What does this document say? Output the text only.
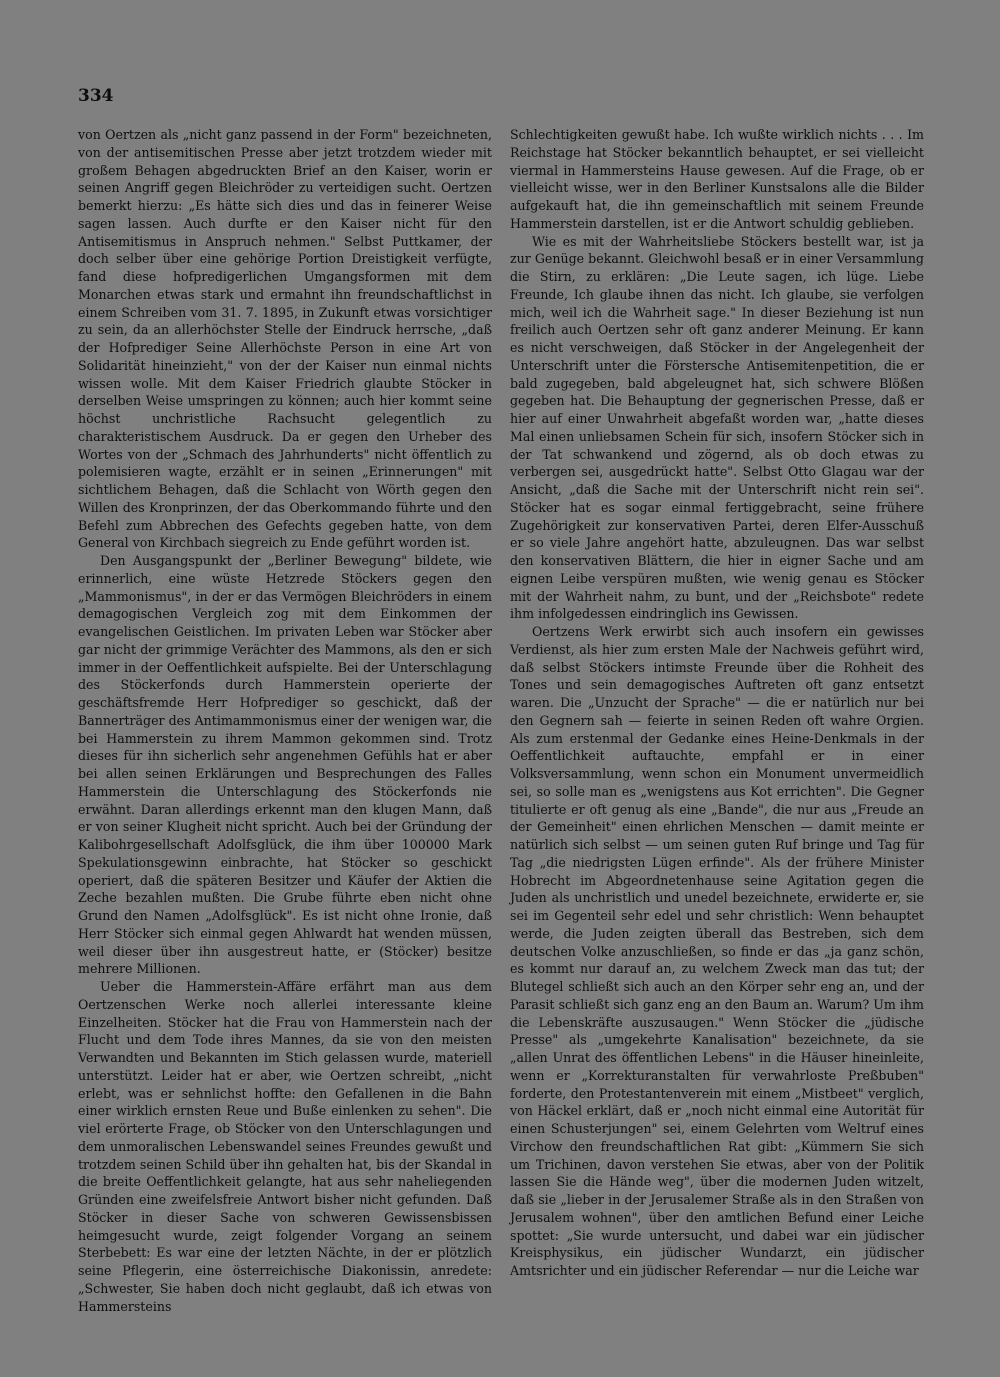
334

von Oertzen als „nicht ganz passend in der Form" bezeichneten, von der antisemitischen Presse aber jetzt trotzdem wieder mit großem Behagen abgedruckten Brief an den Kaiser, worin er seinen Angriff gegen Bleichröder zu verteidigen sucht. Oertzen bemerkt hierzu: „Es hätte sich dies und das in feinerer Weise sagen lassen. Auch durfte er den Kaiser nicht für den Antisemitismus in Anspruch nehmen." Selbst Puttkamer, der doch selber über eine gehörige Portion Dreistigkeit verfügte, fand diese hofpredigerlichen Umgangsformen mit dem Monarchen etwas stark und ermahnt ihn freundschaftlichst in einem Schreiben vom 31. 7. 1895, in Zukunft etwas vorsichtiger zu sein, da an allerhöchster Stelle der Eindruck herrsche, „daß der Hofprediger Seine Allerhöchste Person in eine Art von Solidarität hineinzieht," von der der Kaiser nun einmal nichts wissen wolle. Mit dem Kaiser Friedrich glaubte Stöcker in derselben Weise umspringen zu können; auch hier kommt seine höchst unchristliche Rachsucht gelegentlich zu charakteristischem Ausdruck. Da er gegen den Urheber des Wortes von der „Schmach des Jahrhunderts" nicht öffentlich zu polemisieren wagte, erzählt er in seinen „Erinnerungen" mit sichtlichem Behagen, daß die Schlacht von Wörth gegen den Willen des Kronprinzen, der das Oberkommando führte und den Befehl zum Abbrechen des Gefechts gegeben hatte, von dem General von Kirchbach siegreich zu Ende geführt worden ist.

Den Ausgangspunkt der „Berliner Bewegung" bildete, wie erinnerlich, eine wüste Hetzrede Stöckers gegen den „Mammonismus", in der er das Vermögen Bleichröders in einem demagogischen Vergleich zog mit dem Einkommen der evangelischen Geistlichen. Im privaten Leben war Stöcker aber gar nicht der grimmige Verächter des Mammons, als den er sich immer in der Oeffentlichkeit aufspielte. Bei der Unterschlagung des Stöckerfonds durch Hammerstein operierte der geschäftsfremde Herr Hofprediger so geschickt, daß der Bannerträger des Antimammonismus einer der wenigen war, die bei Hammerstein zu ihrem Mammon gekommen sind. Trotz dieses für ihn sicherlich sehr angenehmen Gefühls hat er aber bei allen seinen Erklärungen und Besprechungen des Falles Hammerstein die Unterschlagung des Stöckerfonds nie erwähnt. Daran allerdings erkennt man den klugen Mann, daß er von seiner Klugheit nicht spricht. Auch bei der Gründung der Kalibohrgesellschaft Adolfsglück, die ihm über 100000 Mark Spekulationsgewinn einbrachte, hat Stöcker so geschickt operiert, daß die späteren Besitzer und Käufer der Aktien die Zeche bezahlen mußten. Die Grube führte eben nicht ohne Grund den Namen „Adolfsglück". Es ist nicht ohne Ironie, daß Herr Stöcker sich einmal gegen Ahlwardt hat wenden müssen, weil dieser über ihn ausgestreut hatte, er (Stöcker) besitze mehrere Millionen.

Ueber die Hammerstein-Affäre erfährt man aus dem Oertzenschen Werke noch allerlei interessante kleine Einzelheiten. Stöcker hat die Frau von Hammerstein nach der Flucht und dem Tode ihres Mannes, da sie von den meisten Verwandten und Bekannten im Stich gelassen wurde, materiell unterstützt. Leider hat er aber, wie Oertzen schreibt, „nicht erlebt, was er sehnlichst hoffte: den Gefallenen in die Bahn einer wirklich ernsten Reue und Buße einlenken zu sehen". Die viel erörterte Frage, ob Stöcker von den Unterschlagungen und dem unmoralischen Lebenswandel seines Freundes gewußt und trotzdem seinen Schild über ihn gehalten hat, bis der Skandal in die breite Oeffentlichkeit gelangte, hat aus sehr naheliegenden Gründen eine zweifelsfreie Antwort bisher nicht gefunden. Daß Stöcker in dieser Sache von schweren Gewissensbissen heimgesucht wurde, zeigt folgender Vorgang an seinem Sterbebett: Es war eine der letzten Nächte, in der er plötzlich seine Pflegerin, eine österreichische Diakonissin, anredete: „Schwester, Sie haben doch nicht geglaubt, daß ich etwas von Hammersteins

Schlechtigkeiten gewußt habe. Ich wußte wirklich nichts . . . Im Reichstage hat Stöcker bekanntlich behauptet, er sei vielleicht viermal in Hammersteins Hause gewesen. Auf die Frage, ob er vielleicht wisse, wer in den Berliner Kunstsalons alle die Bilder aufgekauft hat, die ihn gemeinschaftlich mit seinem Freunde Hammerstein darstellen, ist er die Antwort schuldig geblieben.

Wie es mit der Wahrheitsliebe Stöckers bestellt war, ist ja zur Genüge bekannt. Gleichwohl besaß er in einer Versammlung die Stirn, zu erklären: „Die Leute sagen, ich lüge. Liebe Freunde, Ich glaube ihnen das nicht. Ich glaube, sie verfolgen mich, weil ich die Wahrheit sage." In dieser Beziehung ist nun freilich auch Oertzen sehr oft ganz anderer Meinung. Er kann es nicht verschweigen, daß Stöcker in der Angelegenheit der Unterschrift unter die Förstersche Antisemitenpetition, die er bald zugegeben, bald abgeleugnet hat, sich schwere Blößen gegeben hat. Die Behauptung der gegnerischen Presse, daß er hier auf einer Unwahrheit abgefaßt worden war, „hatte dieses Mal einen unliebsamen Schein für sich, insofern Stöcker sich in der Tat schwankend und zögernd, als ob doch etwas zu verbergen sei, ausgedrückt hatte". Selbst Otto Glagau war der Ansicht, „daß die Sache mit der Unterschrift nicht rein sei". Stöcker hat es sogar einmal fertiggebracht, seine frühere Zugehörigkeit zur konservativen Partei, deren Elfer-Ausschuß er so viele Jahre angehört hatte, abzuleugnen. Das war selbst den konservativen Blättern, die hier in eigner Sache und am eignen Leibe verspüren mußten, wie wenig genau es Stöcker mit der Wahrheit nahm, zu bunt, und der „Reichsbote" redete ihm infolgedessen eindringlich ins Gewissen.

Oertzens Werk erwirbt sich auch insofern ein gewisses Verdienst, als hier zum ersten Male der Nachweis geführt wird, daß selbst Stöckers intimste Freunde über die Rohheit des Tones und sein demagogisches Auftreten oft ganz entsetzt waren. Die „Unzucht der Sprache" — die er natürlich nur bei den Gegnern sah — feierte in seinen Reden oft wahre Orgien. Als zum erstenmal der Gedanke eines Heine-Denkmals in der Oeffentlichkeit auftauchte, empfahl er in einer Volksversammlung, wenn schon ein Monument unvermeidlich sei, so solle man es „wenigstens aus Kot errichten". Die Gegner titulierte er oft genug als eine „Bande", die nur aus „Freude an der Gemeinheit" einen ehrlichen Menschen — damit meinte er natürlich sich selbst — um seinen guten Ruf bringe und Tag für Tag „die niedrigsten Lügen erfinde". Als der frühere Minister Hobrecht im Abgeordnetenhause seine Agitation gegen die Juden als unchristlich und unedel bezeichnete, erwiderte er, sie sei im Gegenteil sehr edel und sehr christlich: Wenn behauptet werde, die Juden zeigten überall das Bestreben, sich dem deutschen Volke anzuschließen, so finde er das „ja ganz schön, es kommt nur darauf an, zu welchem Zweck man das tut; der Blutegel schließt sich auch an den Körper sehr eng an, und der Parasit schließt sich ganz eng an den Baum an. Warum? Um ihm die Lebenskräfte auszusaugen." Wenn Stöcker die „jüdische Presse" als „umgekehrte Kanalisation" bezeichnete, da sie „allen Unrat des öffentlichen Lebens" in die Häuser hineinleite, wenn er „Korrekturanstalten für verwahrloste Preßbuben" forderte, den Protestantenverein mit einem „Mistbeet" verglich, von Häckel erklärt, daß er „noch nicht einmal eine Autorität für einen Schusterjungen" sei, einem Gelehrten vom Weltruf eines Virchow den freundschaftlichen Rat gibt: „Kümmern Sie sich um Trichinen, davon verstehen Sie etwas, aber von der Politik lassen Sie die Hände weg", über die modernen Juden witzelt, daß sie „lieber in der Jerusalemer Straße als in den Straßen von Jerusalem wohnen", über den amtlichen Befund einer Leiche spottet: „Sie wurde untersucht, und dabei war ein jüdischer Kreisphysikus, ein jüdischer Wundarzt, ein jüdischer Amtsrichter und ein jüdischer Referendar — nur die Leiche war
